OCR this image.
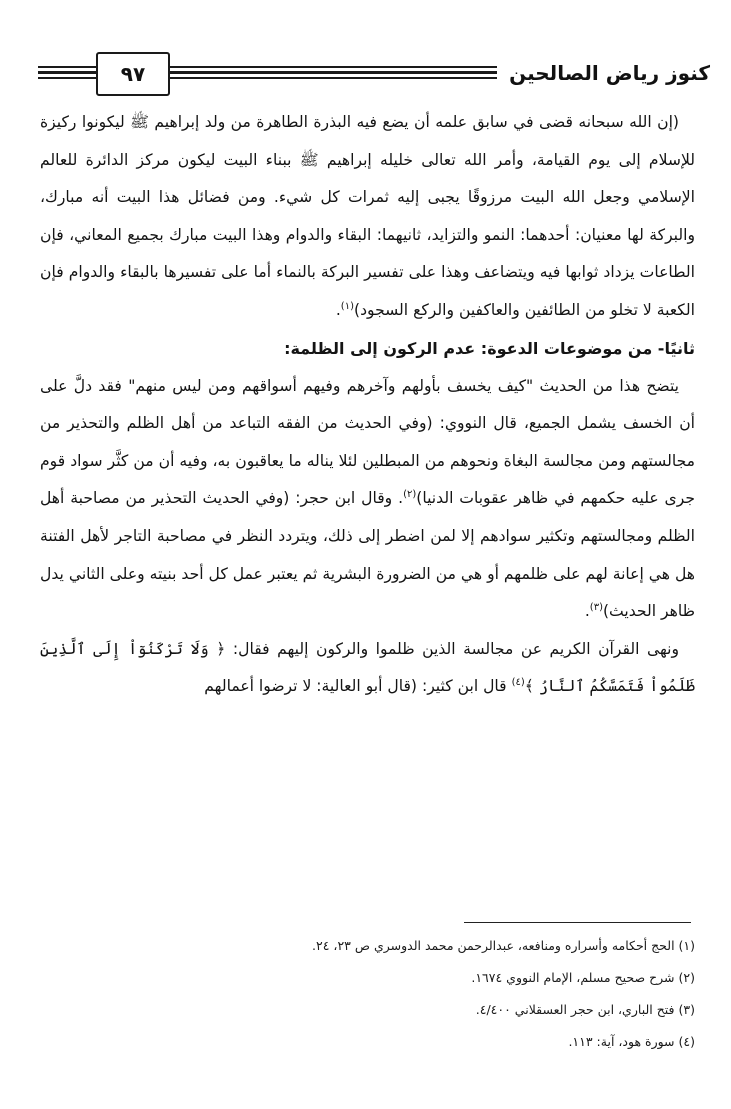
٩٧	كنوز رياض الصالحين

(إن الله سبحانه قضى في سابق علمه أن يضع فيه البذرة الطاهرة من ولد إبراهيم ﷺ ليكونوا ركيزة للإسلام إلى يوم القيامة، وأمر الله تعالى خليله إبراهيم ﷺ ببناء البيت ليكون مركز الدائرة للعالم الإسلامي وجعل الله البيت مرزوقًا يجبى إليه ثمرات كل شيء. ومن فضائل هذا البيت أنه مبارك، والبركة لها معنيان: أحدهما: النمو والتزايد، ثانيهما: البقاء والدوام وهذا البيت مبارك بجميع المعاني، فإن الطاعات يزداد ثوابها فيه ويتضاعف وهذا على تفسير البركة بالنماء أما على تفسيرها بالبقاء والدوام فإن الكعبة لا تخلو من الطائفين والعاكفين والركع السجود)$^{(١)}$.

ثانيًا- من موضوعات الدعوة: عدم الركون إلى الظلمة:

يتضح هذا من الحديث "كيف يخسف بأولهم وآخرهم وفيهم أسواقهم ومن ليس منهم" فقد دلَّ على أن الخسف يشمل الجميع، قال النووي: (وفي الحديث من الفقه التباعد من أهل الظلم والتحذير من مجالستهم ومن مجالسة البغاة ونحوهم من المبطلين لئلا يناله ما يعاقبون به، وفيه أن من كثَّر سواد قوم جرى عليه حكمهم في ظاهر عقوبات الدنيا)$^{(٢)}$. وقال ابن حجر: (وفي الحديث التحذير من مصاحبة أهل الظلم ومجالستهم وتكثير سوادهم إلا لمن اضطر إلى ذلك، ويتردد النظر في مصاحبة التاجر لأهل الفتنة هل هي إعانة لهم على ظلمهم أو هي من الضرورة البشرية ثم يعتبر عمل كل أحد بنيته وعلى الثاني يدل ظاهر الحديث)$^{(٣)}$.

ونهى القرآن الكريم عن مجالسة الذين ظلموا والركون إليهم فقال: ﴿ وَلَا تَرْكَنُوٓاْ إِلَى ٱلَّذِينَ ظَلَمُواْ فَتَمَسَّكُمُ ٱلنَّارُ ﴾$^{(٤)}$ قال ابن كثير: (قال أبو العالية: لا ترضوا أعمالهم

(١) الحج أحكامه وأسراره ومنافعه، عبدالرحمن محمد الدوسري ص ٢٣، ٢٤.
(٢) شرح صحيح مسلم، الإمام النووي ١٦٧٤.
(٣) فتح الباري، ابن حجر العسقلاني ٤/٤٠٠.
(٤) سورة هود، آية: ١١٣.
